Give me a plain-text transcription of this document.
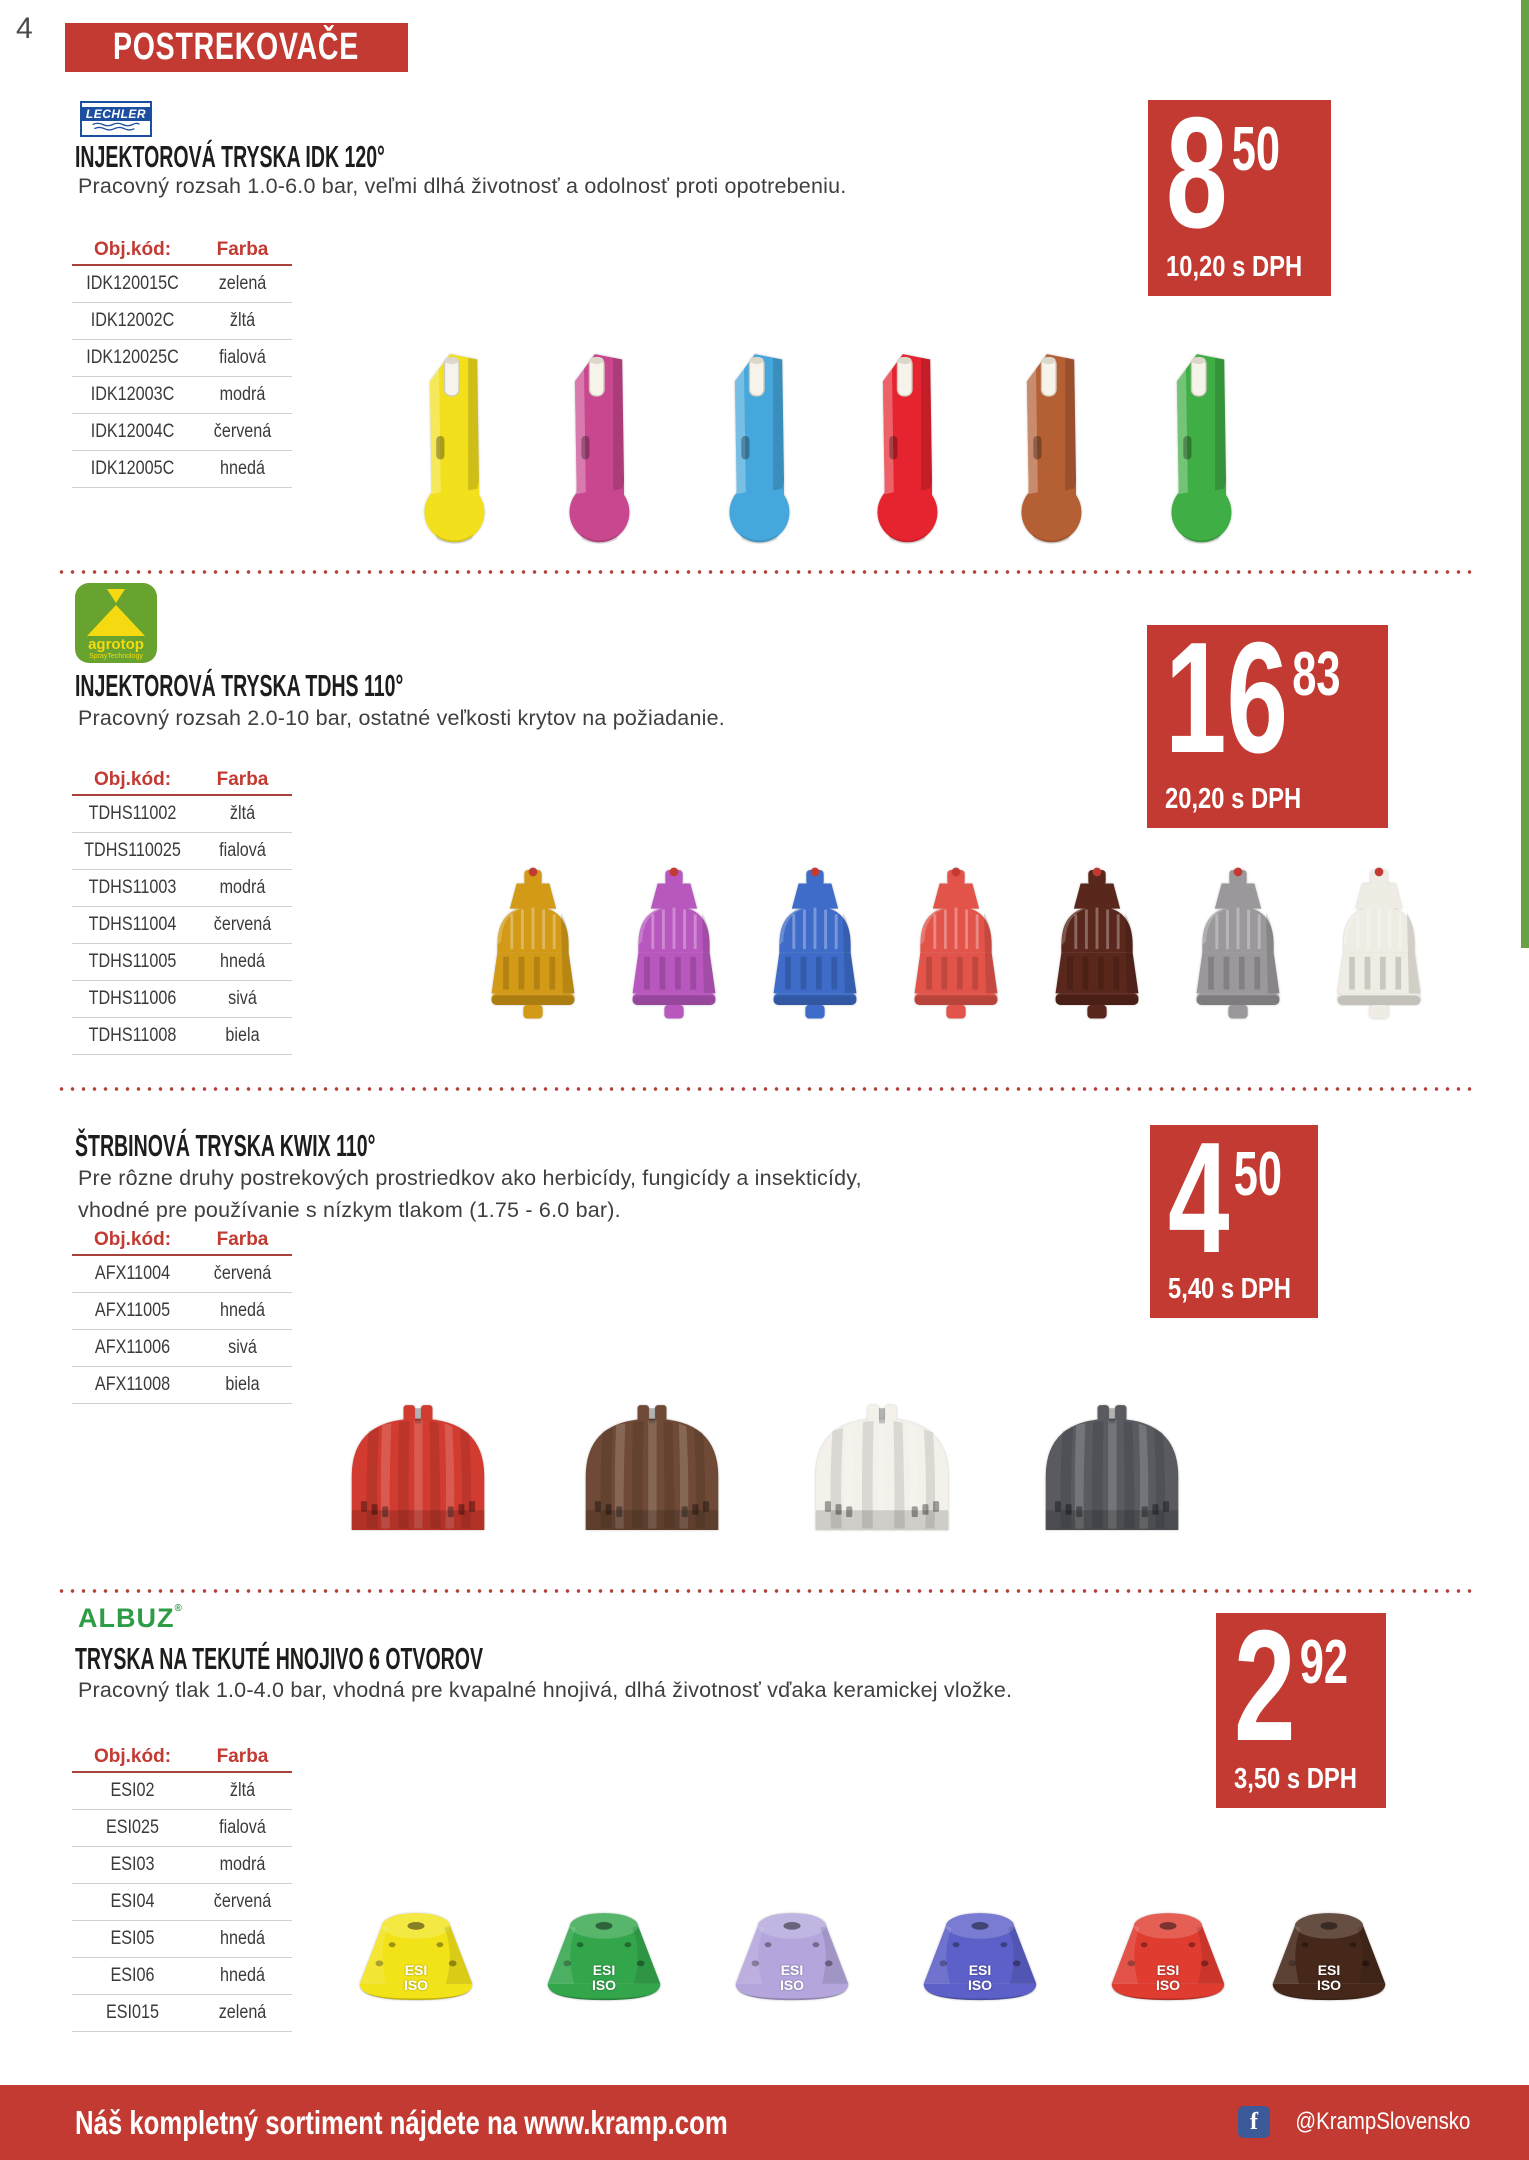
4 POSTREKOVAČE
LECHLER
INJEKTOROVÁ TRYSKA IDK 120°
Pracovný rozsah 1.0-6.0 bar, veľmi dlhá životnosť a odolnosť proti opotrebeniu.
Obj.kód:	Farba
IDK120015C	zelená
IDK12002C	žltá
IDK120025C	fialová
IDK12003C	modrá
IDK12004C	červená
IDK12005C	hnedá
8 50
10,20 s DPH
agrotop
SprayTechnology
INJEKTOROVÁ TRYSKA TDHS 110°
Pracovný rozsah 2.0-10 bar, ostatné veľkosti krytov na požiadanie.
Obj.kód:	Farba
TDHS11002	žltá
TDHS110025	fialová
TDHS11003	modrá
TDHS11004	červená
TDHS11005	hnedá
TDHS11006	sivá
TDHS11008	biela
16 83
20,20 s DPH
ŠTRBINOVÁ TRYSKA KWIX 110°
Pre rôzne druhy postrekových prostriedkov ako herbicídy, fungicídy a insekticídy,
vhodné pre používanie s nízkym tlakom (1.75 - 6.0 bar).
Obj.kód:	Farba
AFX11004	červená
AFX11005	hnedá
AFX11006	sivá
AFX11008	biela
4 50
5,40 s DPH
ALBUZ®
TRYSKA NA TEKUTÉ HNOJIVO 6 OTVOROV
Pracovný tlak 1.0-4.0 bar, vhodná pre kvapalné hnojivá, dlhá životnosť vďaka keramickej vložke.
Obj.kód:	Farba
ESI02	žltá
ESI025	fialová
ESI03	modrá
ESI04	červená
ESI05	hnedá
ESI06	hnedá
ESI015	zelená
ESI
ISO
ESI
ISO
ESI
ISO
ESI
ISO
ESI
ISO
ESI
ISO
2 92
3,50 s DPH
Náš kompletný sortiment nájdete na www.kramp.com	f	@KrampSlovensko
